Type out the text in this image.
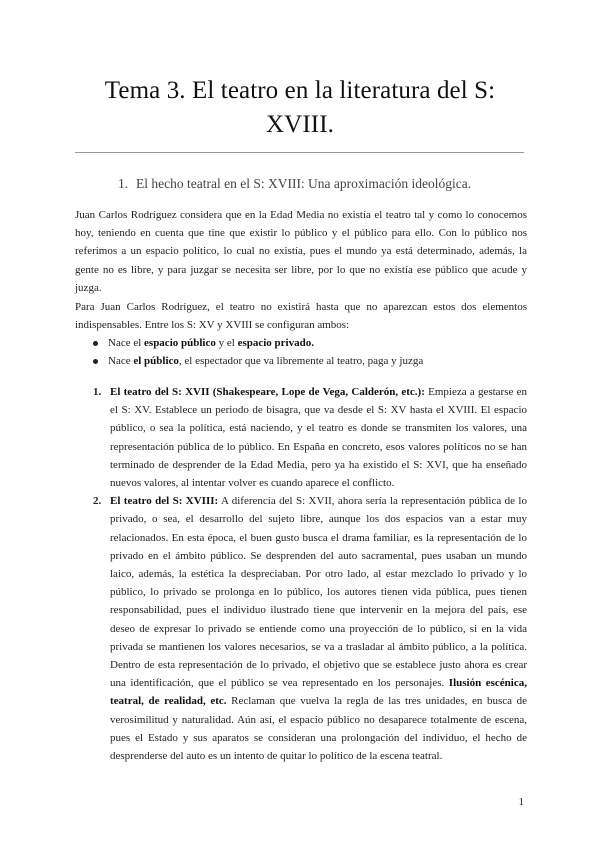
Tema 3. El teatro en la literatura del S:
XVIII.
1. El hecho teatral en el S: XVIII: Una aproximación ideológica.

Juan Carlos Rodríguez considera que en la Edad Media no existía el teatro tal y como lo conocemos hoy, teniendo en cuenta que tine que existir lo público y el público para ello. Con lo público nos referimos a un espacio político, lo cual no existía, pues el mundo ya está determinado, además, la gente no es libre, y para juzgar se necesita ser libre, por lo que no existía ese público que acude y juzga.

Para Juan Carlos Rodríguez, el teatro no existirá hasta que no aparezcan estos dos elementos indispensables. Entre los S: XV y XVIII se configuran ambos:

Nace el espacio público y el espacio privado.
Nace el público, el espectador que va libremente al teatro, paga y juzga
1. El teatro del S: XVII (Shakespeare, Lope de Vega, Calderón, etc.): Empieza a gestarse en el S: XV. Establece un periodo de bisagra, que va desde el S: XV hasta el XVIII. El espacio público, o sea la política, está naciendo, y el teatro es donde se transmiten los valores, una representación pública de lo público. En España en concreto, esos valores políticos no se han terminado de desprender de la Edad Media, pero ya ha existido el S: XVI, que ha enseñado nuevos valores, al intentar volver es cuando aparece el conflicto.
2. El teatro del S: XVIII: A diferencia del S: XVII, ahora sería la representación pública de lo privado, o sea, el desarrollo del sujeto libre, aunque los dos espacios van a estar muy relacionados. En esta época, el buen gusto busca el drama familiar, es la representación de lo privado en el ámbito público. Se desprenden del auto sacramental, pues usaban un mundo laico, además, la estética la despreciaban. Por otro lado, al estar mezclado lo privado y lo público, lo privado se prolonga en lo público, los autores tienen vida pública, pues tienen responsabilidad, pues el individuo ilustrado tiene que intervenir en la mejora del país, ese deseo de expresar lo privado se entiende como una proyección de lo público, si en la vida privada se mantienen los valores necesarios, se va a trasladar al ámbito público, a la política. Dentro de esta representación de lo privado, el objetivo que se establece justo ahora es crear una identificación, que el público se vea representado en los personajes. Ilusión escénica, teatral, de realidad, etc. Reclaman que vuelva la regla de las tres unidades, en busca de verosimilitud y naturalidad. Aún así, el espacio público no desaparece totalmente de escena, pues el Estado y sus aparatos se consideran una prolongación del individuo, el hecho de desprenderse del auto es un intento de quitar lo político de la escena teatral.
1
